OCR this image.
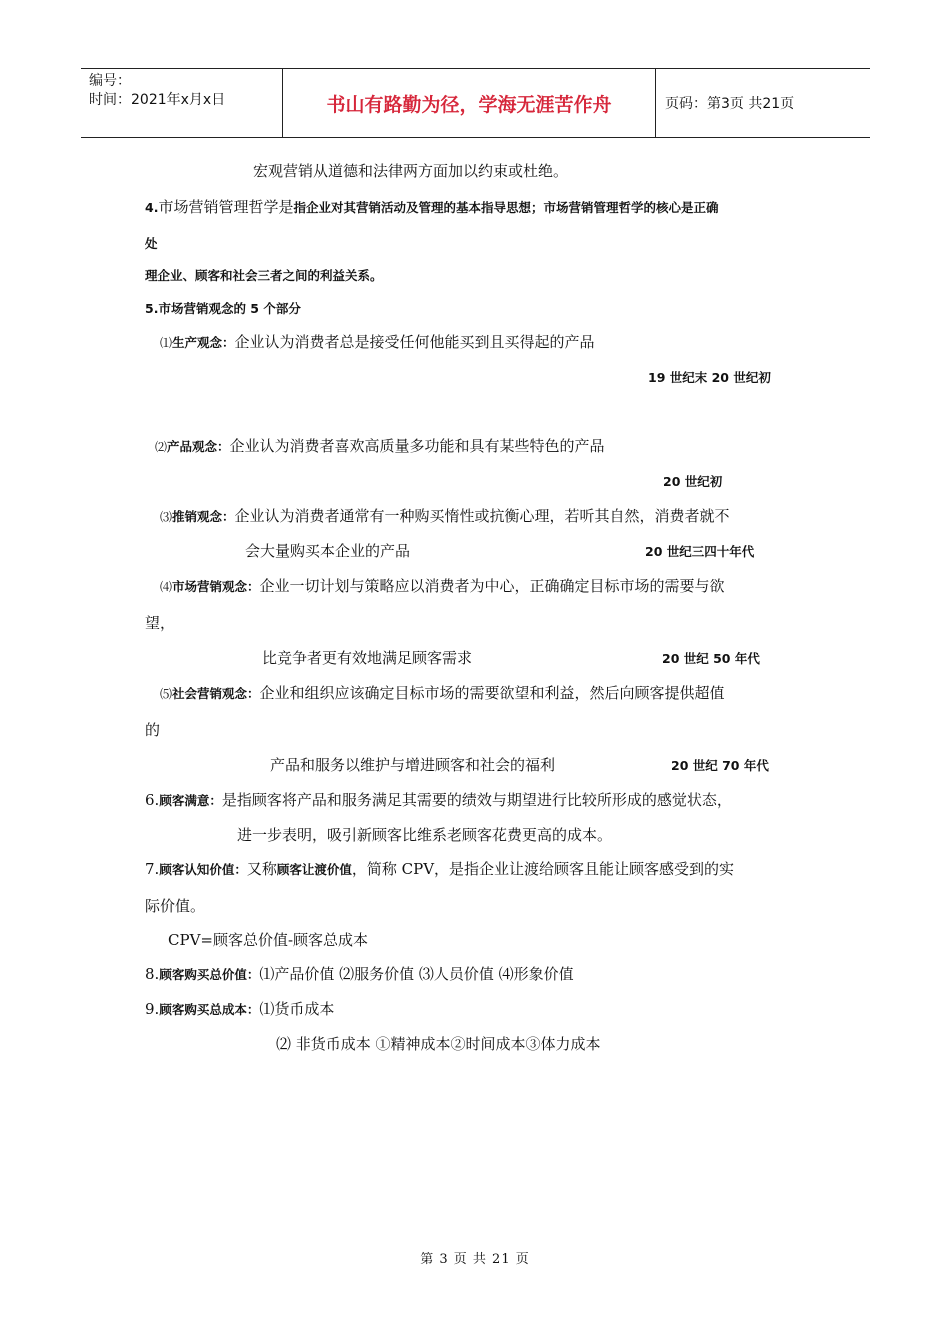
编号：
时间：2021年x月x日	书山有路勤为径，学海无涯苦作舟	页码：第3页 共21页
宏观营销从道德和法律两方面加以约束或杜绝。
4.市场营销管理哲学是指企业对其营销活动及管理的基本指导思想；市场营销管理哲学的核心是正确
处
理企业、顾客和社会三者之间的利益关系。
5.市场营销观念的 5 个部分
⑴生产观念：企业认为消费者总是接受任何他能买到且买得起的产品
19 世纪末 20 世纪初
⑵产品观念：企业认为消费者喜欢高质量多功能和具有某些特色的产品
20 世纪初
⑶推销观念：企业认为消费者通常有一种购买惰性或抗衡心理，若听其自然，消费者就不
会大量购买本企业的产品	20 世纪三四十年代
⑷市场营销观念：企业一切计划与策略应以消费者为中心，正确确定目标市场的需要与欲
望，
比竞争者更有效地满足顾客需求	20 世纪 50 年代
⑸社会营销观念：企业和组织应该确定目标市场的需要欲望和利益，然后向顾客提供超值
的
产品和服务以维护与增进顾客和社会的福利	20 世纪 70 年代
6.顾客满意：是指顾客将产品和服务满足其需要的绩效与期望进行比较所形成的感觉状态，
进一步表明，吸引新顾客比维系老顾客花费更高的成本。
7.顾客认知价值：又称顾客让渡价值，简称 CPV，是指企业让渡给顾客且能让顾客感受到的实
际价值。
CPV=顾客总价值-顾客总成本
8.顾客购买总价值：⑴产品价值 ⑵服务价值 ⑶人员价值 ⑷形象价值
9.顾客购买总成本：⑴货币成本
⑵ 非货币成本 ①精神成本②时间成本③体力成本
第 3 页 共 21 页
